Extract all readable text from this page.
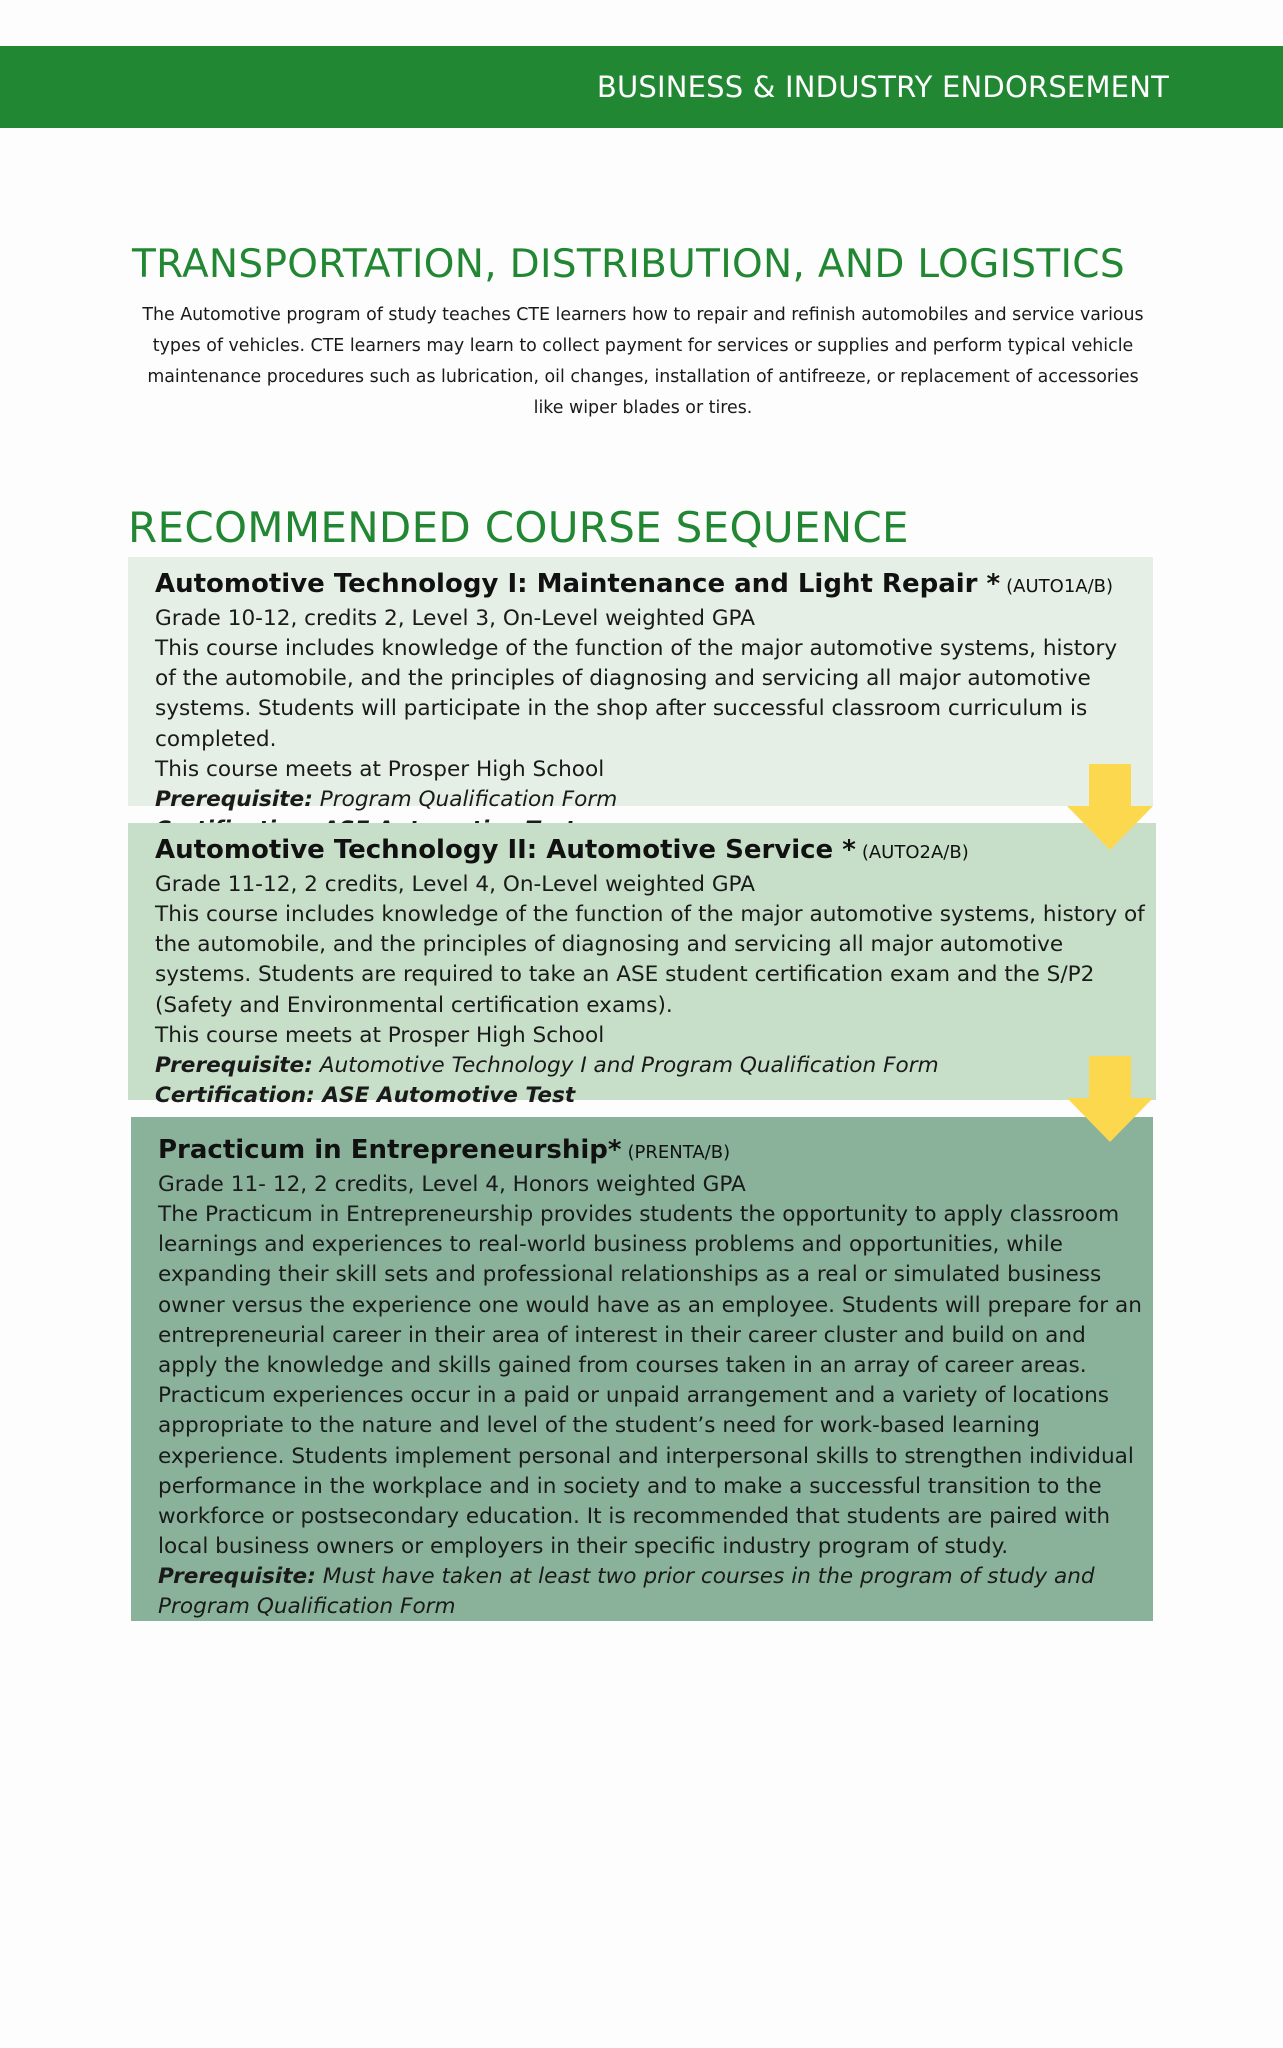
BUSINESS & INDUSTRY ENDORSEMENT
TRANSPORTATION, DISTRIBUTION, AND LOGISTICS
The Automotive program of study teaches CTE learners how to repair and refinish automobiles and service various types of vehicles. CTE learners may learn to collect payment for services or supplies and perform typical vehicle maintenance procedures such as lubrication, oil changes, installation of antifreeze, or replacement of accessories like wiper blades or tires.
RECOMMENDED COURSE SEQUENCE
Automotive Technology I: Maintenance and Light Repair * (AUTO1A/B)
Grade 10-12, credits 2, Level 3, On-Level weighted GPA
This course includes knowledge of the function of the major automotive systems, history of the automobile, and the principles of diagnosing and servicing all major automotive systems. Students will participate in the shop after successful classroom curriculum is completed.
This course meets at Prosper High School
Prerequisite: Program Qualification Form
Automotive Technology II: Automotive Service * (AUTO2A/B)
Grade 11-12, 2 credits, Level 4, On-Level weighted GPA
This course includes knowledge of the function of the major automotive systems, history of the automobile, and the principles of diagnosing and servicing all major automotive systems. Students are required to take an ASE student certification exam and the S/P2 (Safety and Environmental certification exams).
This course meets at Prosper High School
Prerequisite: Automotive Technology I and Program Qualification Form
Certification: ASE Automotive Test
Practicum in Entrepreneurship* (PRENTA/B)
Grade 11- 12, 2 credits, Level 4, Honors weighted GPA
The Practicum in Entrepreneurship provides students the opportunity to apply classroom learnings and experiences to real-world business problems and opportunities, while expanding their skill sets and professional relationships as a real or simulated business owner versus the experience one would have as an employee. Students will prepare for an entrepreneurial career in their area of interest in their career cluster and build on and apply the knowledge and skills gained from courses taken in an array of career areas. Practicum experiences occur in a paid or unpaid arrangement and a variety of locations appropriate to the nature and level of the student’s need for work-based learning experience. Students implement personal and interpersonal skills to strengthen individual performance in the workplace and in society and to make a successful transition to the workforce or postsecondary education. It is recommended that students are paired with local business owners or employers in their specific industry program of study.
Prerequisite: Must have taken at least two prior courses in the program of study and Program Qualification Form
